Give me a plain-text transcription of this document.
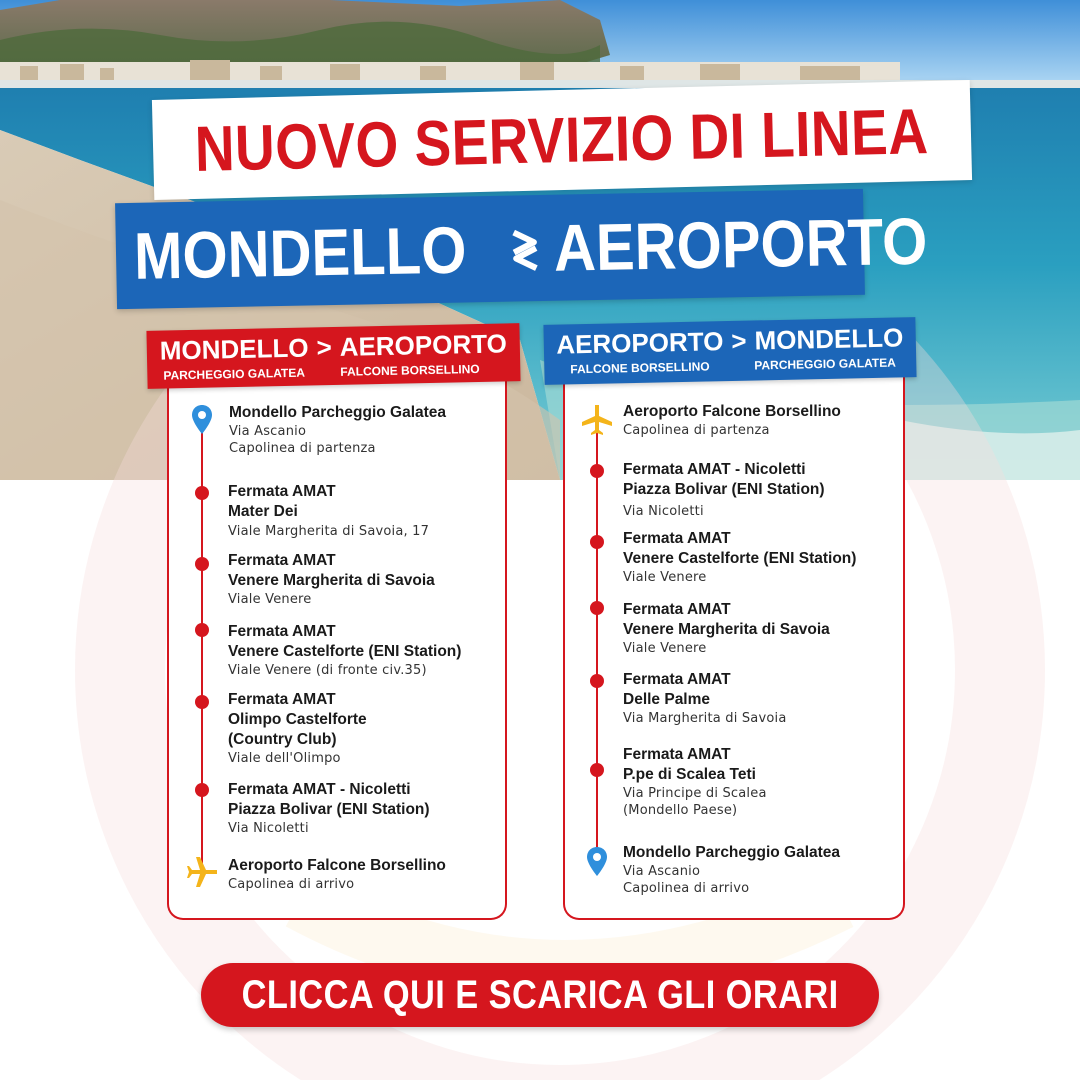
NUOVO SERVIZIO DI LINEA
MONDELLO AEROPORTO
MONDELLO > AEROPORTO
PARCHEGGIO GALATEA	FALCONE BORSELLINO
Mondello Parcheggio Galatea
Via Ascanio
Capolinea di partenza
Fermata AMAT
Mater Dei
Viale Margherita di Savoia, 17
Fermata AMAT
Venere Margherita di Savoia
Viale Venere
Fermata AMAT
Venere Castelforte (ENI Station)
Viale Venere (di fronte civ.35)
Fermata AMAT
Olimpo Castelforte
(Country Club)
Viale dell'Olimpo
Fermata AMAT - Nicoletti
Piazza Bolivar (ENI Station)
Via Nicoletti
Aeroporto Falcone Borsellino
Capolinea di arrivo
AEROPORTO > MONDELLO
FALCONE BORSELLINO	PARCHEGGIO GALATEA
Aeroporto Falcone Borsellino
Capolinea di partenza
Fermata AMAT - Nicoletti
Piazza Bolivar (ENI Station)
Via Nicoletti
Fermata AMAT
Venere Castelforte (ENI Station)
Viale Venere
Fermata AMAT
Venere Margherita di Savoia
Viale Venere
Fermata AMAT
Delle Palme
Via Margherita di Savoia
Fermata AMAT
P.pe di Scalea Teti
Via Principe di Scalea
(Mondello Paese)
Mondello Parcheggio Galatea
Via Ascanio
Capolinea di arrivo
CLICCA QUI E SCARICA GLI ORARI
